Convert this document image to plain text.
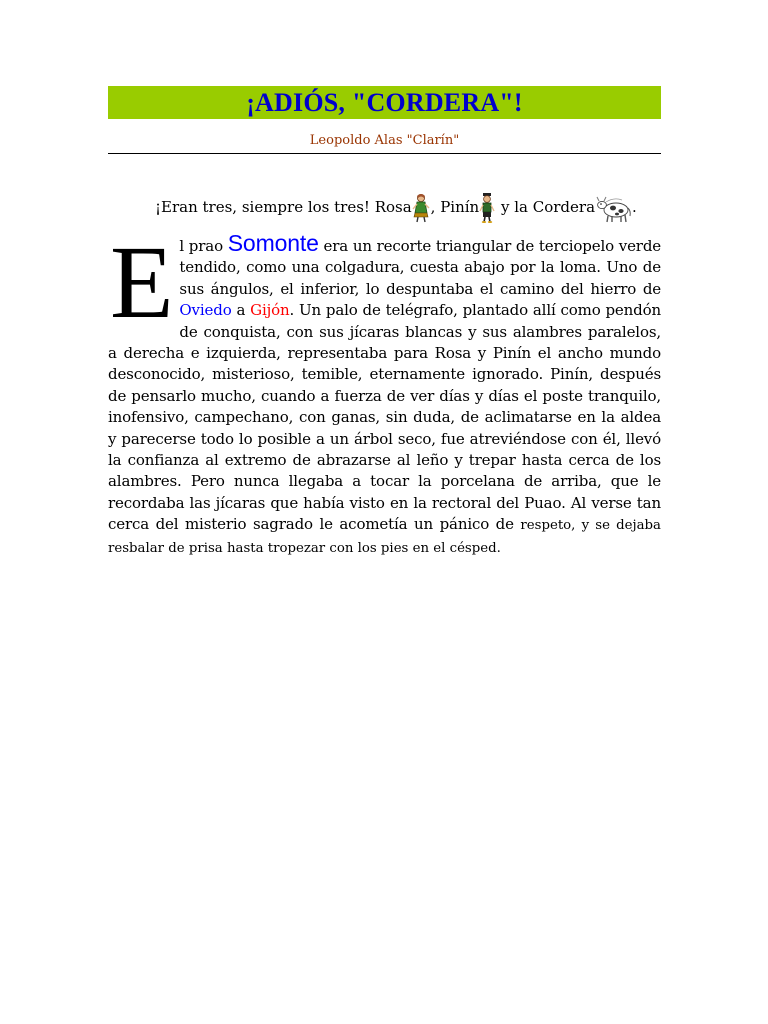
¡ADIÓS, "CORDERA"!
Leopoldo Alas "Clarín"
¡Eran tres, siempre los tres! Rosa , Pinín
y la Cordera .
El prao Somonte era un recorte triangular de terciopelo verde tendido, como una colgadura, cuesta abajo por la loma. Uno de sus ángulos, el inferior, lo despuntaba el camino del hierro de Oviedo a Gijón. Un palo de telégrafo, plantado allí como pendón de conquista, con sus jícaras blancas y sus alambres paralelos, a derecha e izquierda, representaba para Rosa y Pinín el ancho mundo desconocido, misterioso, temible, eternamente ignorado. Pinín, después de pensarlo mucho, cuando a fuerza de ver días y días el poste tranquilo, inofensivo, campechano, con ganas, sin duda, de aclimatarse en la aldea y parecerse todo lo posible a un árbol seco, fue atreviéndose con él, llevó la confianza al extremo de abrazarse al leño y trepar hasta cerca de los alambres. Pero nunca llegaba a tocar la porcelana de arriba, que le recordaba las jícaras que había visto en la rectoral del Puao. Al verse tan cerca del misterio sagrado le acometía un pánico de respeto, y se dejaba resbalar de prisa hasta tropezar con los pies en el césped.
